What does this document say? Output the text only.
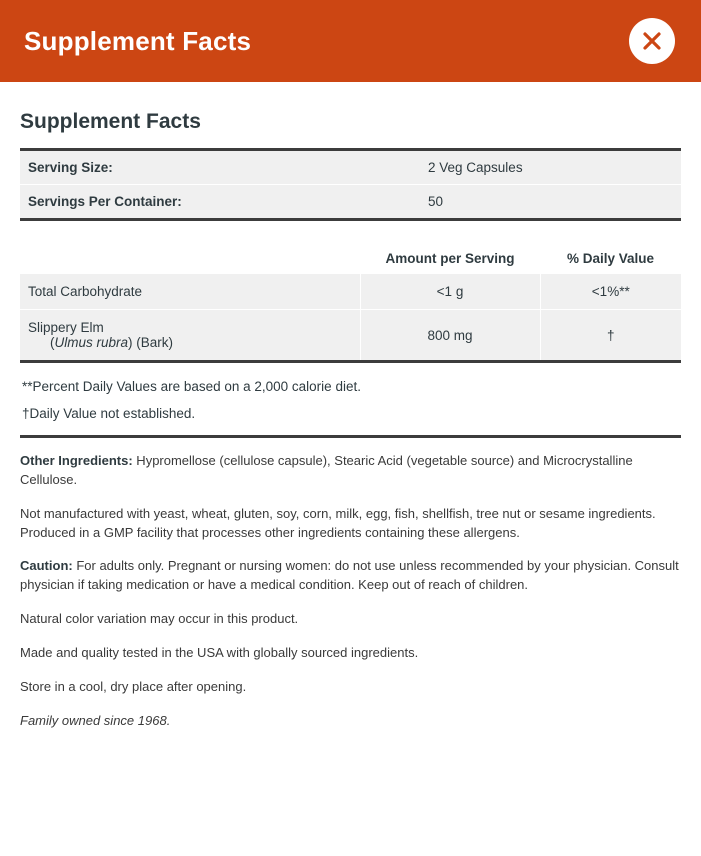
Supplement Facts
Supplement Facts
Serving Size:	2 Veg Capsules
Servings Per Container:	50
	Amount per Serving	% Daily Value
Total Carbohydrate	<1 g	<1%**
Slippery Elm
(Ulmus rubra) (Bark)	800 mg	†
**Percent Daily Values are based on a 2,000 calorie diet.
†Daily Value not established.

Other Ingredients: Hypromellose (cellulose capsule), Stearic Acid (vegetable source) and Microcrystalline Cellulose.

Not manufactured with yeast, wheat, gluten, soy, corn, milk, egg, fish, shellfish, tree nut or sesame ingredients. Produced in a GMP facility that processes other ingredients containing these allergens.

Caution: For adults only. Pregnant or nursing women: do not use unless recommended by your physician. Consult physician if taking medication or have a medical condition. Keep out of reach of children.

Natural color variation may occur in this product.

Made and quality tested in the USA with globally sourced ingredients.

Store in a cool, dry place after opening.

Family owned since 1968.
